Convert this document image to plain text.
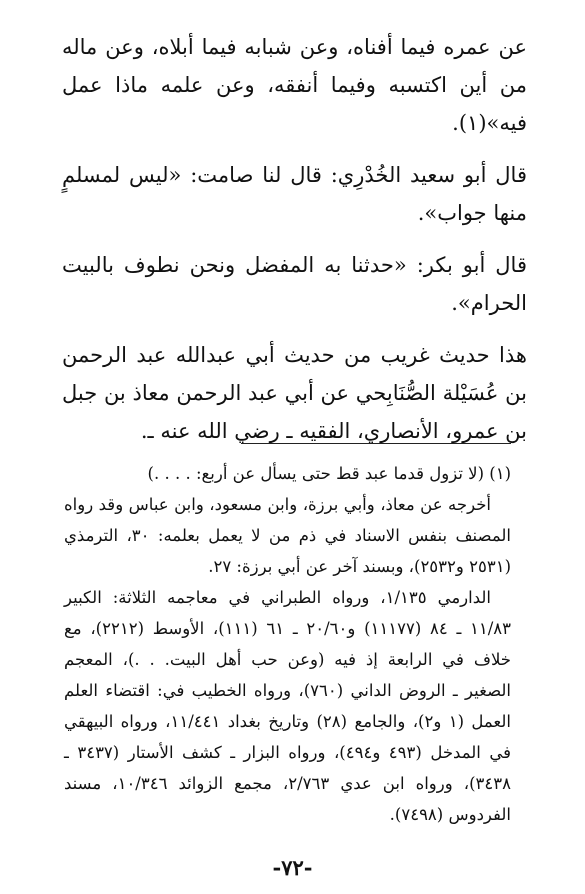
عن عمره فيما أفناه، وعن شبابه فيما أبلاه، وعن ماله من أين اكتسبه وفيما أنفقه، وعن علمه ماذا عمل فيه»(١).

قال أبو سعيد الخُدْرِي: قال لنا صامت: «ليس لمسلمٍ منها جواب».

قال أبو بكر: «حدثنا به المفضل ونحن نطوف بالبيت الحرام».

هذا حديث غريب من حديث أبي عبدالله عبد الرحمن بن عُسَيْلة الصُّنَابِحي عن أبي عبد الرحمن معاذ بن جبل بن عمرو، الأنصاري، الفقيه ـ رضي الله عنه ـ.

(١) (لا تزول قدما عبد قط حتى يسأل عن أربع: . . . .)

أخرجه عن معاذ، وأبي برزة، وابن مسعود، وابن عباس وقد رواه المصنف بنفس الاسناد في ذم من لا يعمل بعلمه: ٣٠، الترمذي (٢٥٣١ و٢٥٣٢)، وبسند آخر عن أبي برزة: ٢٧.

الدارمي ١/١٣٥، ورواه الطبراني في معاجمه الثلاثة: الكبير ١١/٨٣ ـ ٨٤ (١١١٧٧) و٢٠/٦٠ ـ ٦١ (١١١)، الأوسط (٢٢١٢)، مع خلاف في الرابعة إذ فيه (وعن حب أهل البيت. . .)، المعجم الصغير ـ الروض الداني (٧٦٠)، ورواه الخطيب في: اقتضاء العلم العمل (١ و٢)، والجامع (٢٨) وتاريخ بغداد ١١/٤٤١، ورواه البيهقي في المدخل (٤٩٣ و٤٩٤)، ورواه البزار ـ كشف الأستار (٣٤٣٧ ـ ٣٤٣٨)، ورواه ابن عدي ٢/٧٦٣، مجمع الزوائد ١٠/٣٤٦، مسند الفردوس (٧٤٩٨).

-٧٢-
